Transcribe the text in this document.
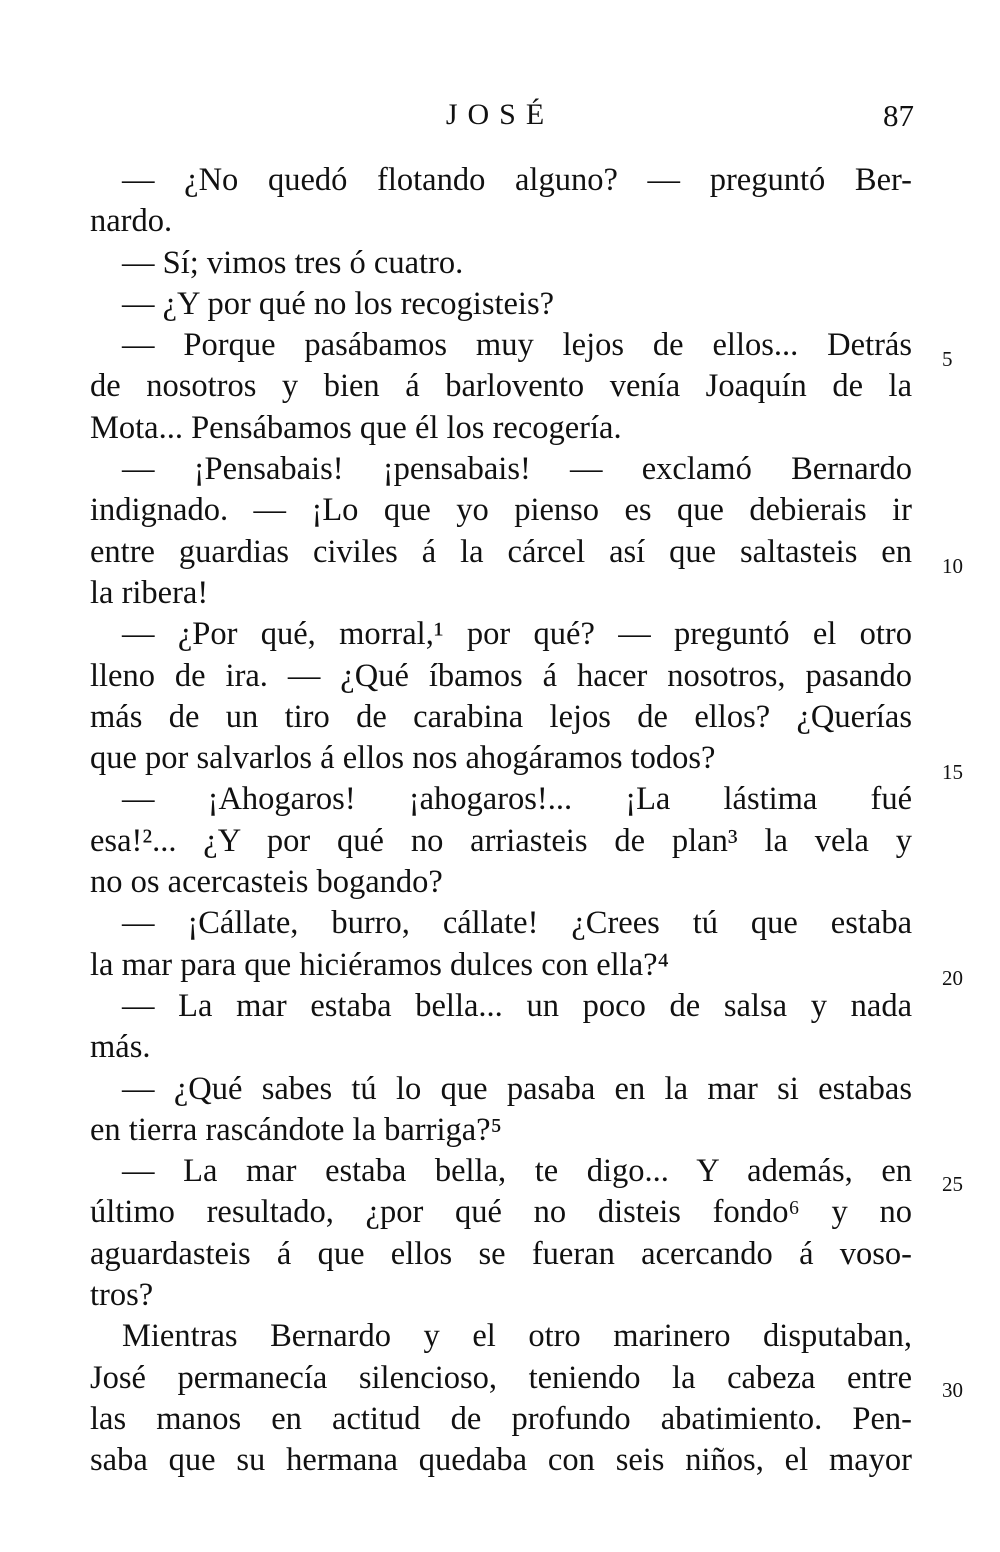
JOSÉ	87
— ¿No quedó flotando alguno? — preguntó Ber-
nardo.
— Sí; vimos tres ó cuatro.
— ¿Y por qué no los recogisteis?
— Porque pasábamos muy lejos de ellos... Detrás
de nosotros y bien á barlovento venía Joaquín de la
Mota... Pensábamos que él los recogería.
— ¡Pensabais! ¡pensabais! — exclamó Bernardo
indignado. — ¡Lo que yo pienso es que debierais ir
entre guardias civiles á la cárcel así que saltasteis en
la ribera!
— ¿Por qué, morral,¹ por qué? — preguntó el otro
lleno de ira. — ¿Qué íbamos á hacer nosotros, pasando
más de un tiro de carabina lejos de ellos? ¿Querías
que por salvarlos á ellos nos ahogáramos todos?
— ¡Ahogaros! ¡ahogaros!... ¡La lástima fué
esa!²... ¿Y por qué no arriasteis de plan³ la vela y
no os acercasteis bogando?
— ¡Cállate, burro, cállate! ¿Crees tú que estaba
la mar para que hiciéramos dulces con ella?⁴
— La mar estaba bella... un poco de salsa y nada
más.
— ¿Qué sabes tú lo que pasaba en la mar si estabas
en tierra rascándote la barriga?⁵
— La mar estaba bella, te digo... Y además, en
último resultado, ¿por qué no disteis fondo⁶ y no
aguardasteis á que ellos se fueran acercando á voso-
tros?
Mientras Bernardo y el otro marinero disputaban,
José permanecía silencioso, teniendo la cabeza entre
las manos en actitud de profundo abatimiento. Pen-
saba que su hermana quedaba con seis niños, el mayor
5
10
15
20
25
30
